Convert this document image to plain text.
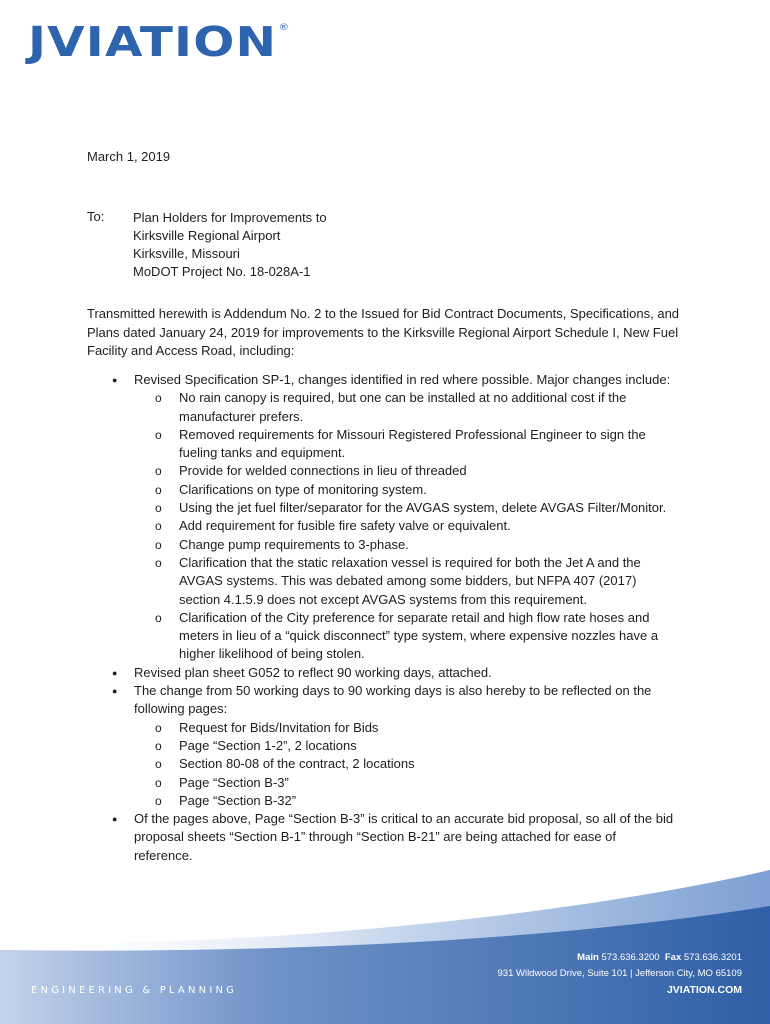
JVIATION®
March 1, 2019
To: Plan Holders for Improvements to
Kirksville Regional Airport
Kirksville, Missouri
MoDOT Project No. 18-028A-1
Transmitted herewith is Addendum No. 2 to the Issued for Bid Contract Documents, Specifications, and Plans dated January 24, 2019 for improvements to the Kirksville Regional Airport Schedule I, New Fuel Facility and Access Road, including:
● Revised Specification SP-1, changes identified in red where possible. Major changes include:
o No rain canopy is required, but one can be installed at no additional cost if the manufacturer prefers.
o Removed requirements for Missouri Registered Professional Engineer to sign the fueling tanks and equipment.
o Provide for welded connections in lieu of threaded
o Clarifications on type of monitoring system.
o Using the jet fuel filter/separator for the AVGAS system, delete AVGAS Filter/Monitor.
o Add requirement for fusible fire safety valve or equivalent.
o Change pump requirements to 3-phase.
o Clarification that the static relaxation vessel is required for both the Jet A and the AVGAS systems. This was debated among some bidders, but NFPA 407 (2017) section 4.1.5.9 does not except AVGAS systems from this requirement.
o Clarification of the City preference for separate retail and high flow rate hoses and meters in lieu of a “quick disconnect” type system, where expensive nozzles have a higher likelihood of being stolen.
● Revised plan sheet G052 to reflect 90 working days, attached.
● The change from 50 working days to 90 working days is also hereby to be reflected on the following pages:
o Request for Bids/Invitation for Bids
o Page “Section 1-2”, 2 locations
o Section 80-08 of the contract, 2 locations
o Page “Section B-3”
o Page “Section B-32”
● Of the pages above, Page “Section B-3” is critical to an accurate bid proposal, so all of the bid proposal sheets “Section B-1” through “Section B-21” are being attached for ease of reference.
ENGINEERING & PLANNING
Main 573.636.3200 Fax 573.636.3201
931 Wildwood Drive, Suite 101 | Jefferson City, MO 65109
JVIATION.COM
